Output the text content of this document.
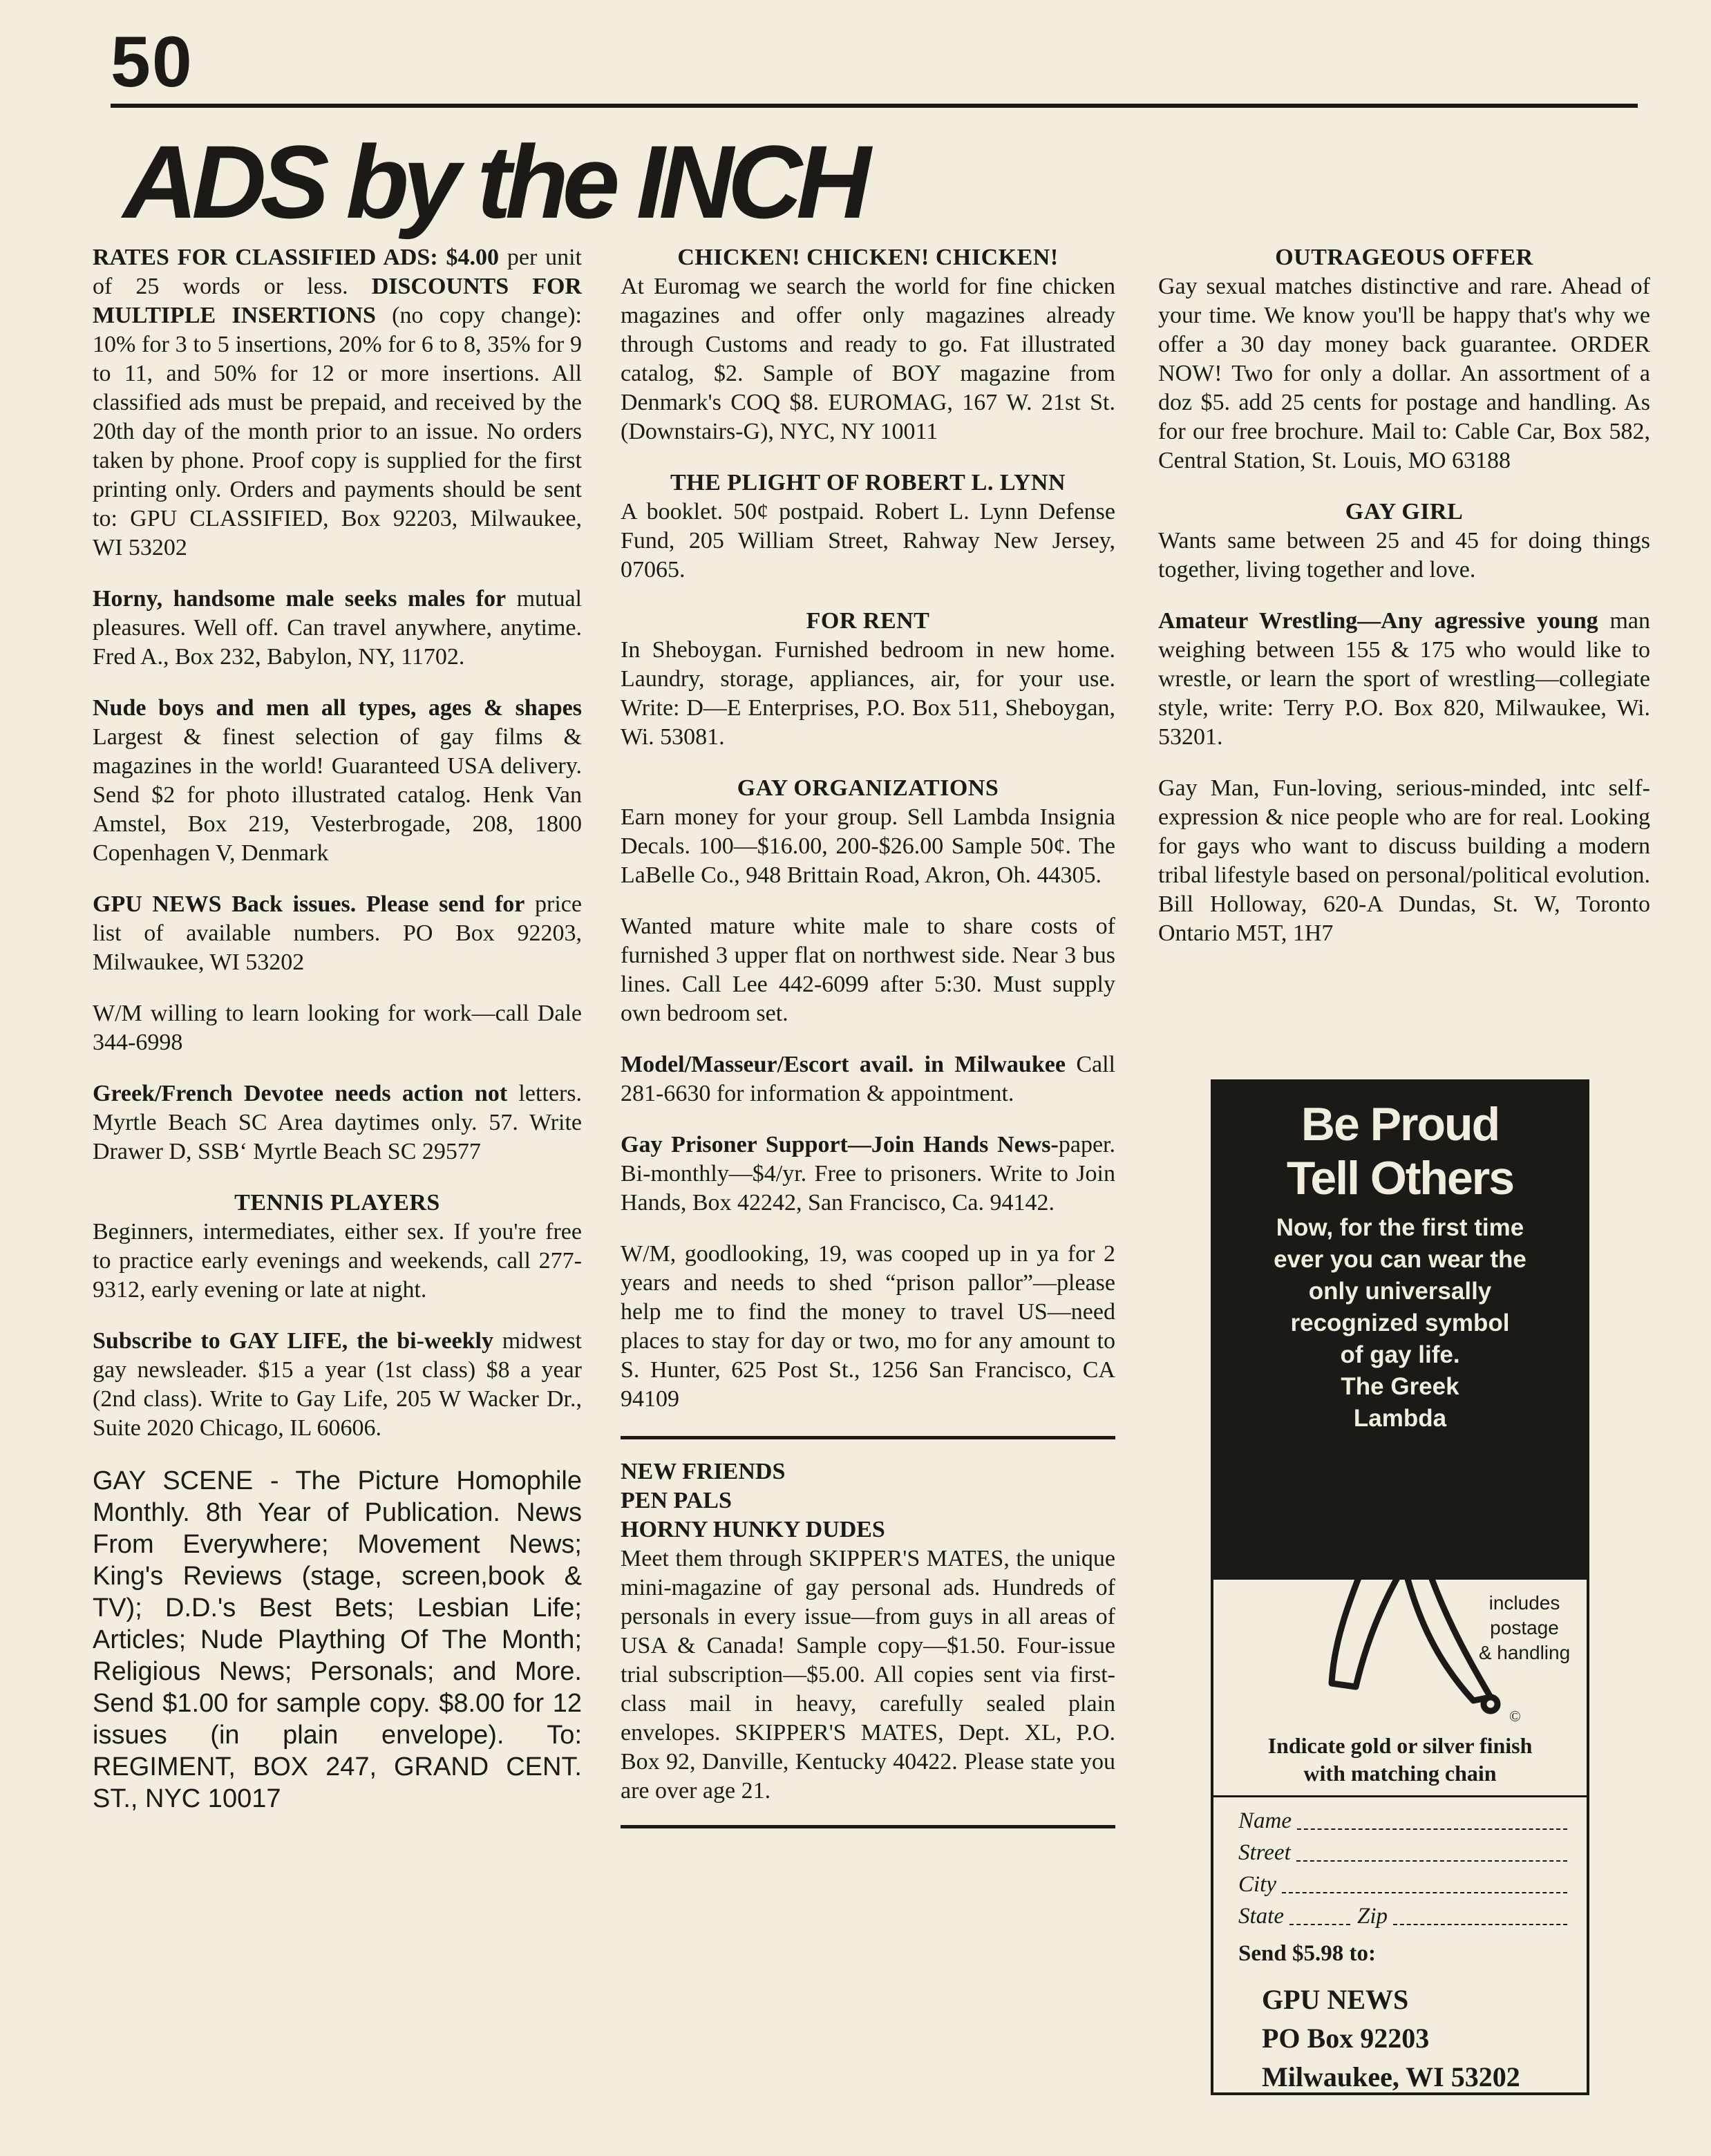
50
ADS by the INCH

RATES FOR CLASSIFIED ADS: $4.00 per unit of 25 words or less. DISCOUNTS FOR MULTIPLE INSERTIONS (no copy change): 10% for 3 to 5 insertions, 20% for 6 to 8, 35% for 9 to 11, and 50% for 12 or more insertions. All classified ads must be prepaid, and received by the 20th day of the month prior to an issue. No orders taken by phone. Proof copy is supplied for the first printing only. Orders and payments should be sent to: GPU CLASSIFIED, Box 92203, Milwaukee, WI 53202

Horny, handsome male seeks males for mutual pleasures. Well off. Can travel anywhere, anytime. Fred A., Box 232, Babylon, NY, 11702.

Nude boys and men all types, ages & shapes Largest & finest selection of gay films & magazines in the world! Guaranteed USA delivery. Send $2 for photo illustrated catalog. Henk Van Amstel, Box 219, Vesterbrogade, 208, 1800 Copenhagen V, Denmark

GPU NEWS Back issues. Please send for price list of available numbers. PO Box 92203, Milwaukee, WI 53202

W/M willing to learn looking for work—call Dale 344-6998

Greek/French Devotee needs action not letters. Myrtle Beach SC Area daytimes only. 57. Write Drawer D, SSB‘ Myrtle Beach SC 29577

TENNIS PLAYERS

Beginners, intermediates, either sex. If you're free to practice early evenings and weekends, call 277-9312, early evening or late at night.

Subscribe to GAY LIFE, the bi-weekly midwest gay newsleader. $15 a year (1st class) $8 a year (2nd class). Write to Gay Life, 205 W Wacker Dr., Suite 2020 Chicago, IL 60606.

GAY SCENE - The Picture Homophile Monthly. 8th Year of Publication. News From Everywhere; Movement News; King's Reviews (stage, screen,book & TV); D.D.'s Best Bets; Lesbian Life; Articles; Nude Plaything Of The Month; Religious News; Personals; and More. Send $1.00 for sample copy. $8.00 for 12 issues (in plain envelope). To: REGIMENT, BOX 247, GRAND CENT. ST., NYC 10017

CHICKEN! CHICKEN! CHICKEN!

At Euromag we search the world for fine chicken magazines and offer only magazines already through Customs and ready to go. Fat illustrated catalog, $2. Sample of BOY magazine from Denmark's COQ $8. EUROMAG, 167 W. 21st St. (Downstairs-G), NYC, NY 10011

THE PLIGHT OF ROBERT L. LYNN

A booklet. 50¢ postpaid. Robert L. Lynn Defense Fund, 205 William Street, Rahway New Jersey, 07065.

FOR RENT

In Sheboygan. Furnished bedroom in new home. Laundry, storage, appliances, air, for your use. Write: D—E Enterprises, P.O. Box 511, Sheboygan, Wi. 53081.

GAY ORGANIZATIONS

Earn money for your group. Sell Lambda Insignia Decals. 100—$16.00, 200-$26.00 Sample 50¢. The LaBelle Co., 948 Brittain Road, Akron, Oh. 44305.

Wanted mature white male to share costs of furnished 3 upper flat on northwest side. Near 3 bus lines. Call Lee 442-6099 after 5:30. Must supply own bedroom set.

Model/Masseur/Escort avail. in Milwaukee Call 281-6630 for information & appointment.

Gay Prisoner Support—Join Hands News-paper. Bi-monthly—$4/yr. Free to prisoners. Write to Join Hands, Box 42242, San Francisco, Ca. 94142.

W/M, goodlooking, 19, was cooped up in ya for 2 years and needs to shed “prison pallor”—please help me to find the money to travel US—need places to stay for day or two, mo for any amount to S. Hunter, 625 Post St., 1256 San Francisco, CA 94109

NEW FRIENDS

PEN PALS

HORNY HUNKY DUDES

Meet them through SKIPPER'S MATES, the unique mini-magazine of gay personal ads. Hundreds of personals in every issue—from guys in all areas of USA & Canada! Sample copy—$1.50. Four-issue trial subscription—$5.00. All copies sent via first-class mail in heavy, carefully sealed plain envelopes. SKIPPER'S MATES, Dept. XL, P.O. Box 92, Danville, Kentucky 40422. Please state you are over age 21.

OUTRAGEOUS OFFER

Gay sexual matches distinctive and rare. Ahead of your time. We know you'll be happy that's why we offer a 30 day money back guarantee. ORDER NOW! Two for only a dollar. An assortment of a doz $5. add 25 cents for postage and handling. As for our free brochure. Mail to: Cable Car, Box 582, Central Station, St. Louis, MO 63188

GAY GIRL

Wants same between 25 and 45 for doing things together, living together and love.

Amateur Wrestling—Any agressive young man weighing between 155 & 175 who would like to wrestle, or learn the sport of wrestling—collegiate style, write: Terry P.O. Box 820, Milwaukee, Wi. 53201.

Gay Man, Fun-loving, serious-minded, intc self-expression & nice people who are for real. Looking for gays who want to discuss building a modern tribal lifestyle based on personal/political evolution. Bill Holloway, 620-A Dundas, St. W, Toronto Ontario M5T, 1H7

Be Proud
Tell Others
Now, for the first time
ever you can wear the
only universally
recognized symbol
of gay life.
The Greek
Lambda
Introductory
Price
$^{\$}5^{.98}$
includes
postage
& handling
©
Indicate gold or silver finish
with matching chain
Name
Street
City
State	Zip
Send $5.98 to:
GPU NEWS
PO Box 92203
Milwaukee, WI 53202
